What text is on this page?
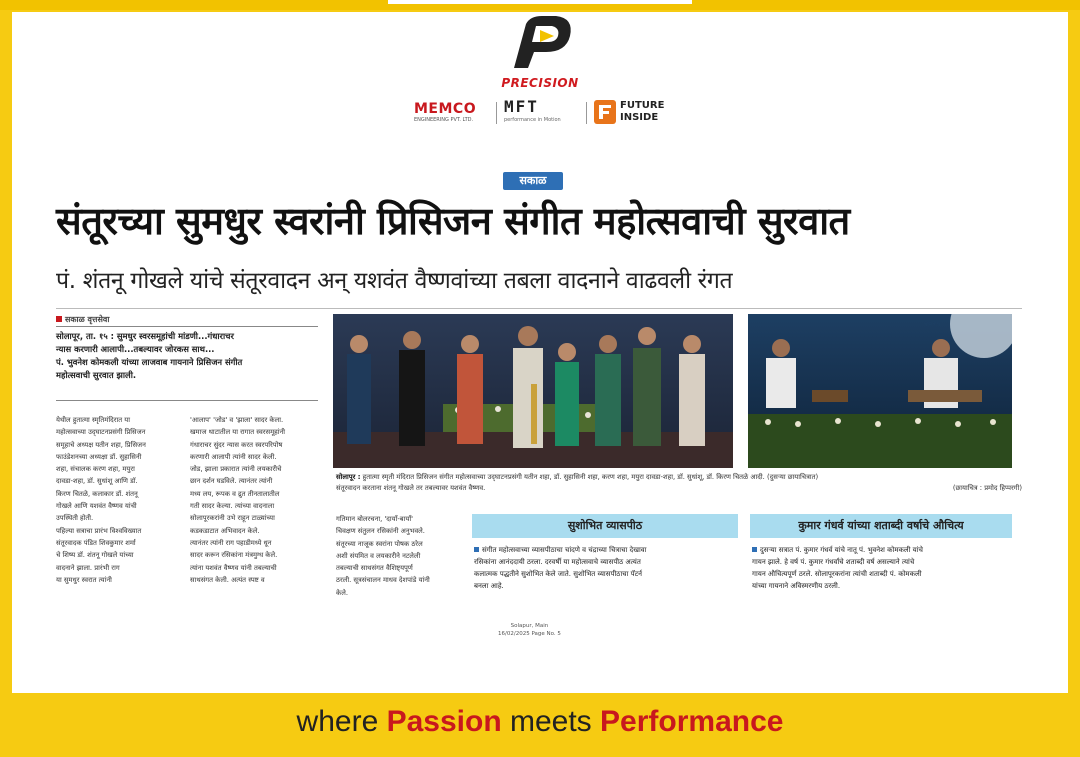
PRECISION
MEMCO
ENGINEERING PVT. LTD.
MFT
performance in Motion
FUTURE
INSIDE
सकाळ
संतूरच्या सुमधुर स्वरांनी प्रिसिजन संगीत महोत्सवाची सुरवात
पं. शंतनू गोखले यांचे संतूरवादन अन् यशवंत वैष्णवांच्या तबला वादनाने वाढवली रंगत
सकाळ वृत्तसेवा
सोलापूर, ता. १५ : सुमधुर स्वरसमूहांची मांडणी...गंधाराचर
न्यास करणारी आलापी...तबल्यावर जोरकस साथ...
पं. भुवनेश कोमकली यांच्या लाजवाब गायनाने प्रिसिजन संगीत
महोत्सवाची सुरवात झाली.
येथील हुतात्मा स्मृतिमंदिरात या
महोत्सवाच्या उद्‌घाटनप्रसंगी प्रिसिजन
समूहाचे अध्यक्ष यतीन शहा, प्रिसिजन
फाउंडेशनच्या अध्यक्षा डॉ. सुहासिनी
शहा, संचालक करण शहा, मयुरा
दावडा-शहा, डॉ. सुधांशू आणि डॉ.
किरण चितळे, कलाकार डॉ. शंतनू
गोखले आणि यशवंत वैष्णव यांची
उपस्थिती होती.
पहिल्या सत्राचा प्रारंभ विश्वविख्यात
संतूरवादक पंडित शिवकुमार शर्मा
चे शिष्य डॉ. शंतनू गोखले यांच्या
वादनाने झाला. प्रारंभी राग
या सुमधुर स्वरात त्यांनी
'आलाप' 'जोड' व 'झाला' सादर केला.
खमाज थाटातील या रागात स्वरसमूहांनी
गंधाराचर सुंदर न्यास करत स्वरपरिपोष
करणारी आलापी त्यांनी सादर केली.
जोड, झाला प्रकारात त्यांनी लयकारीचे
छान दर्शन घडविले. त्यानंतर त्यांनी
मध्य लय, रूपक व द्रुत तीनतालातील
गती सादर केल्या. त्यांच्या वादनाला
सोलापूरकरांनी उभे राहून टाळ्यांच्या
कडकडाटात अभिवादन केले.
त्यानंतर त्यांनी राग पहाडीमध्ये धून
सादर करून रसिकांना मंत्रमुग्ध केले.
त्यांना यशवंत वैष्णव यांनी तबल्याची
साथसंगत केली. अत्यंत स्पष्ट व
२०२५
सोलापूर : हुतात्मा स्मृती मंदिरात प्रिसिजन संगीत महोत्सवाच्या उद्‌घाटनप्रसंगी यतीन शहा, डॉ. सुहासिनी शहा, करण शहा, मयुरा दावडा-शहा, डॉ. सुधांशू, डॉ. किरण चितळे आदी. (दुसऱ्या छायाचित्रात)
संतूरवादन करताना शंतनू गोखले तर तबल्यावर यशवंत वैष्णव.	(छायाचित्र : प्रमोद हिप्परगी)
गतिमान बोलरचना, 'दायाँ-बायाँ'
चिवक्षण संतुलन रसिकांनी अनुभवले.
संतूरच्या नाजूक स्वरांना पोषक ठरेल
अशी संयमित व लयकारीने नटलेली
तबल्याची साथसंगत वैशिष्ट्यपूर्ण
ठरली. सूत्रसंचालन माधव देशपांडे यांनी
केले.
सुशोभित व्यासपीठ
संगीत महोत्सवाच्या व्यासपीठाचा चांदणे व चंद्राच्या चित्राचा देखावा
रसिकांना आनंददायी ठरला. दरवर्षी या महोत्सवाचे व्यासपीठ अत्यंत
कलात्मक पद्धतीने सुशोभित केले जाते. सुशोभित व्यासपीठाचा पॅटर्न
बनला आहे.
कुमार गंधर्व यांच्या शताब्दी वर्षाचे औचित्य
दुसऱ्या सत्रात पं. कुमार गंधर्व यांचे नातू पं. भुवनेश कोमकली यांचे
गायन झाले. हे वर्ष पं. कुमार गंधर्वांचे शताब्दी वर्ष असल्याने त्यांचे
गायन औचित्यपूर्ण ठरले. सोलापूरकरांना त्यांची शताब्दी पं. कोमकली
यांच्या गायनाने अविस्मरणीय ठरली.
Solapur, Main
16/02/2025 Page No. 5
where Passion meets Performance
